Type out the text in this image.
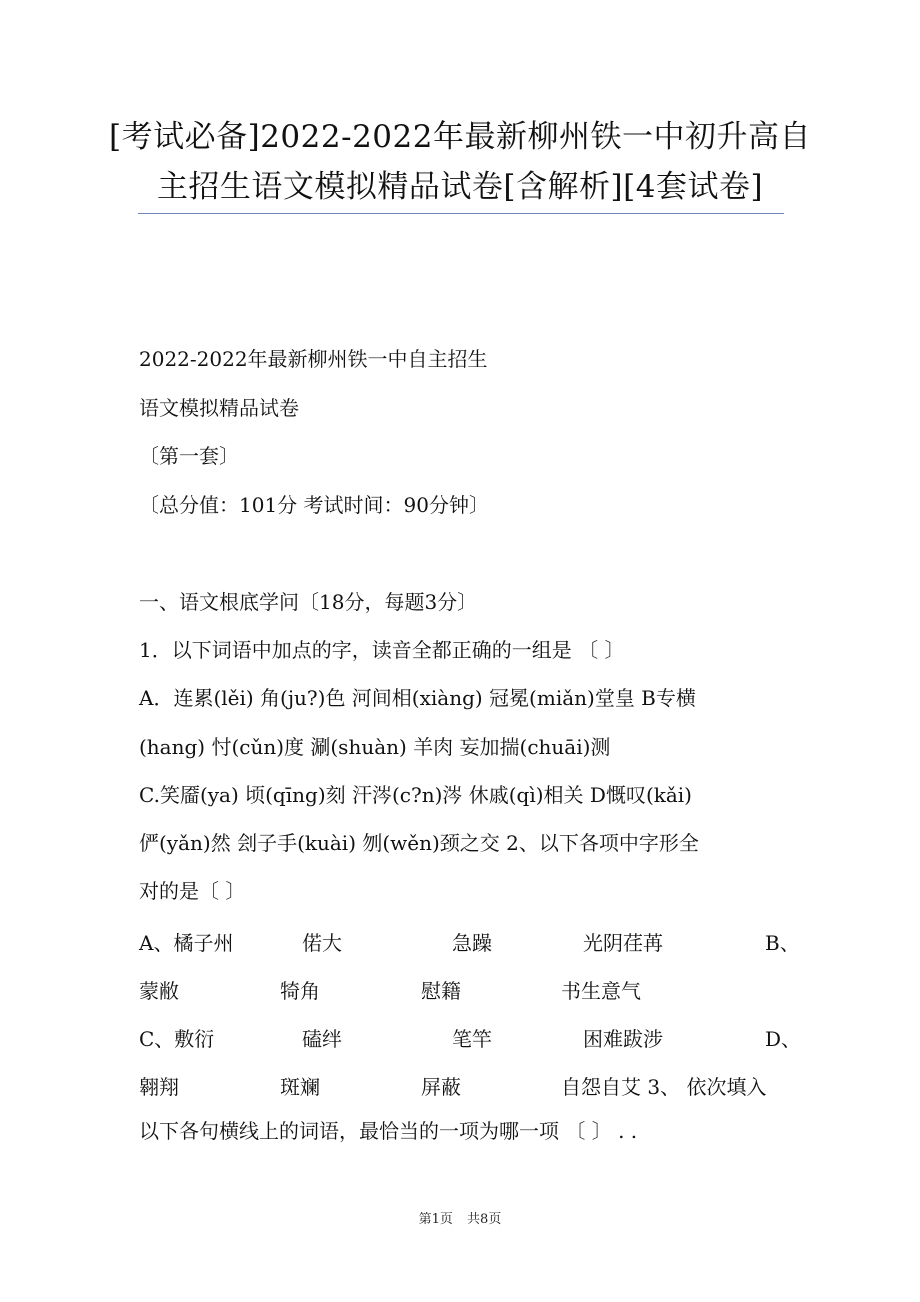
[考试必备]2022-2022年最新柳州铁一中初升高自
主招生语文模拟精品试卷[含解析][4套试卷]
2022-2022年最新柳州铁一中自主招生
语文模拟精品试卷
〔第一套〕
〔总分值：101分 考试时间：90分钟〕
一、语文根底学问〔18分，每题3分〕
1．以下词语中加点的字，读音全都正确的一组是 〔 〕
A．连累(lěi) 角(ju?)色 河间相(xiàng) 冠冕(miǎn)堂皇 B专横
(hang) 忖(cǔn)度 涮(shuàn) 羊肉 妄加揣(chuāi)测
C.笑靥(ya) 顷(qīng)刻 汗涔(c?n)涔 休戚(qì)相关 D慨叹(kǎi)
俨(yǎn)然 刽子手(kuài) 刎(wěn)颈之交 2、以下各项中字形全
对的是〔 〕
A、橘子州	偌大	急躁	光阴荏苒	B、
蒙敝	犄角	慰籍	书生意气
C、敷衍	磕绊	笔竿	困难跋涉	D、
翱翔	斑斓	屏蔽	自怨自艾 3、 依次填入
以下各句横线上的词语，最恰当的一项为哪一项 〔 〕 . .
第1页 共8页
